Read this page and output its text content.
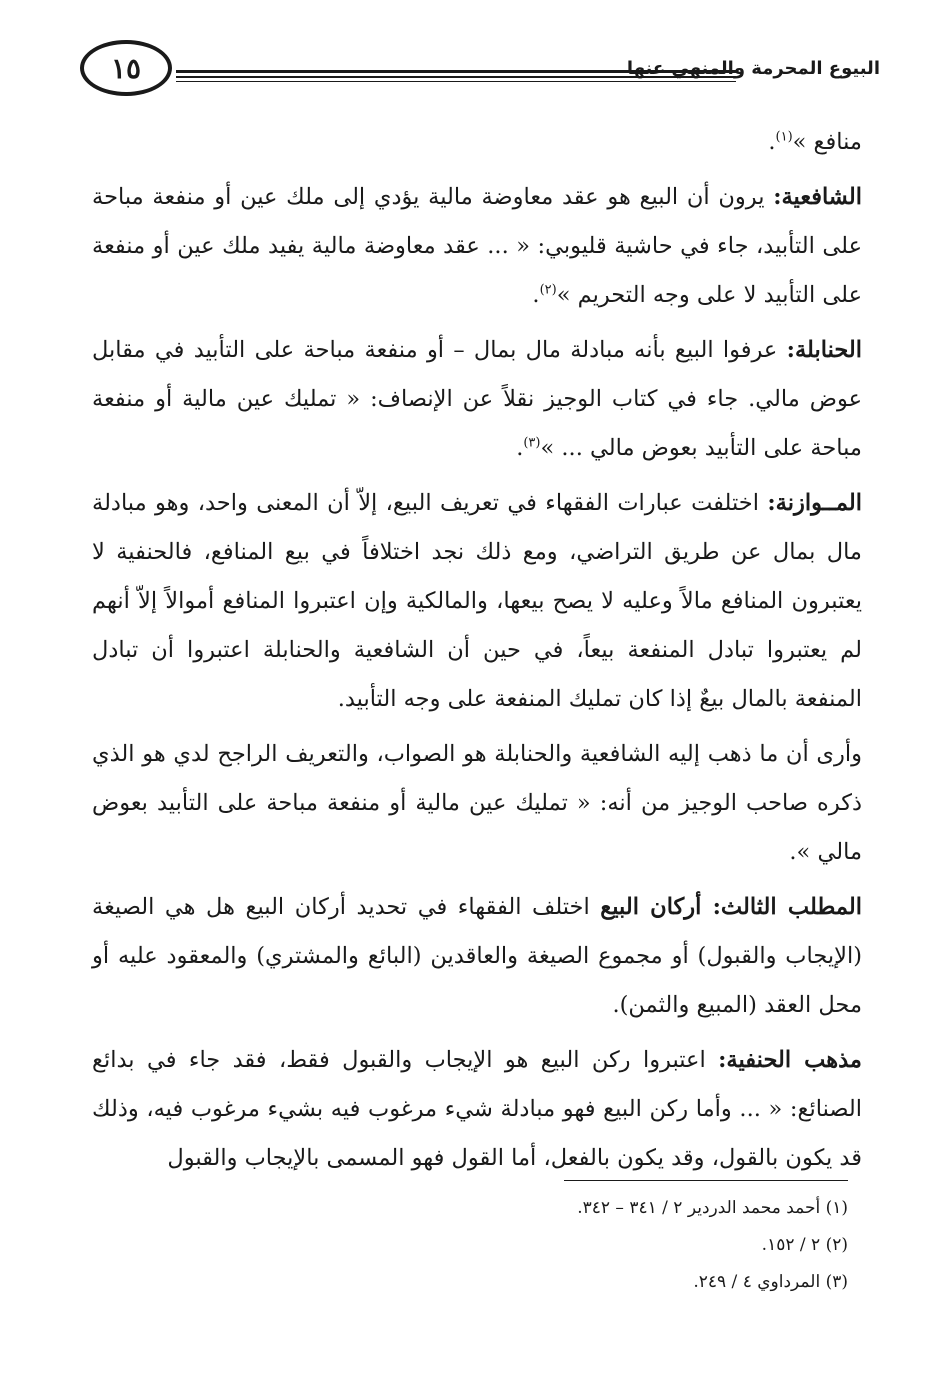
١٥	البيوع المحرمة والمنهي عنها

منافع »$^{(١)}$.

الشافعية: يرون أن البيع هو عقد معاوضة مالية يؤدي إلى ملك عين أو منفعة مباحة على التأبيد، جاء في حاشية قليوبي: « ... عقد معاوضة مالية يفيد ملك عين أو منفعة على التأبيد لا على وجه التحريم »$^{(٢)}$.

الحنابلة: عرفوا البيع بأنه مبادلة مال بمال – أو منفعة مباحة على التأبيد في مقابل عوض مالي. جاء في كتاب الوجيز نقلاً عن الإنصاف: « تمليك عين مالية أو منفعة مباحة على التأبيد بعوض مالي ... »$^{(٣)}$.

المــوازنة: اختلفت عبارات الفقهاء في تعريف البيع، إلاّ أن المعنى واحد، وهو مبادلة مال بمال عن طريق التراضي، ومع ذلك نجد اختلافاً في بيع المنافع، فالحنفية لا يعتبرون المنافع مالاً وعليه لا يصح بيعها، والمالكية وإن اعتبروا المنافع أموالاً إلاّ أنهم لم يعتبروا تبادل المنفعة بيعاً، في حين أن الشافعية والحنابلة اعتبروا أن تبادل المنفعة بالمال بيعٌ إذا كان تمليك المنفعة على وجه التأبيد.

وأرى أن ما ذهب إليه الشافعية والحنابلة هو الصواب، والتعريف الراجح لدي هو الذي ذكره صاحب الوجيز من أنه: « تمليك عين مالية أو منفعة مباحة على التأبيد بعوض مالي ».

المطلب الثالث: أركان البيع اختلف الفقهاء في تحديد أركان البيع هل هي الصيغة (الإيجاب والقبول) أو مجموع الصيغة والعاقدين (البائع والمشتري) والمعقود عليه أو محل العقد (المبيع والثمن).

مذهب الحنفية: اعتبروا ركن البيع هو الإيجاب والقبول فقط، فقد جاء في بدائع الصنائع: « ... وأما ركن البيع فهو مبادلة شيء مرغوب فيه بشيء مرغوب فيه، وذلك قد يكون بالقول، وقد يكون بالفعل، أما القول فهو المسمى بالإيجاب والقبول

(١) أحمد محمد الدردير ٢ / ٣٤١ – ٣٤٢.

(٢) ٢ / ١٥٢.

(٣) المرداوي ٤ / ٢٤٩.
